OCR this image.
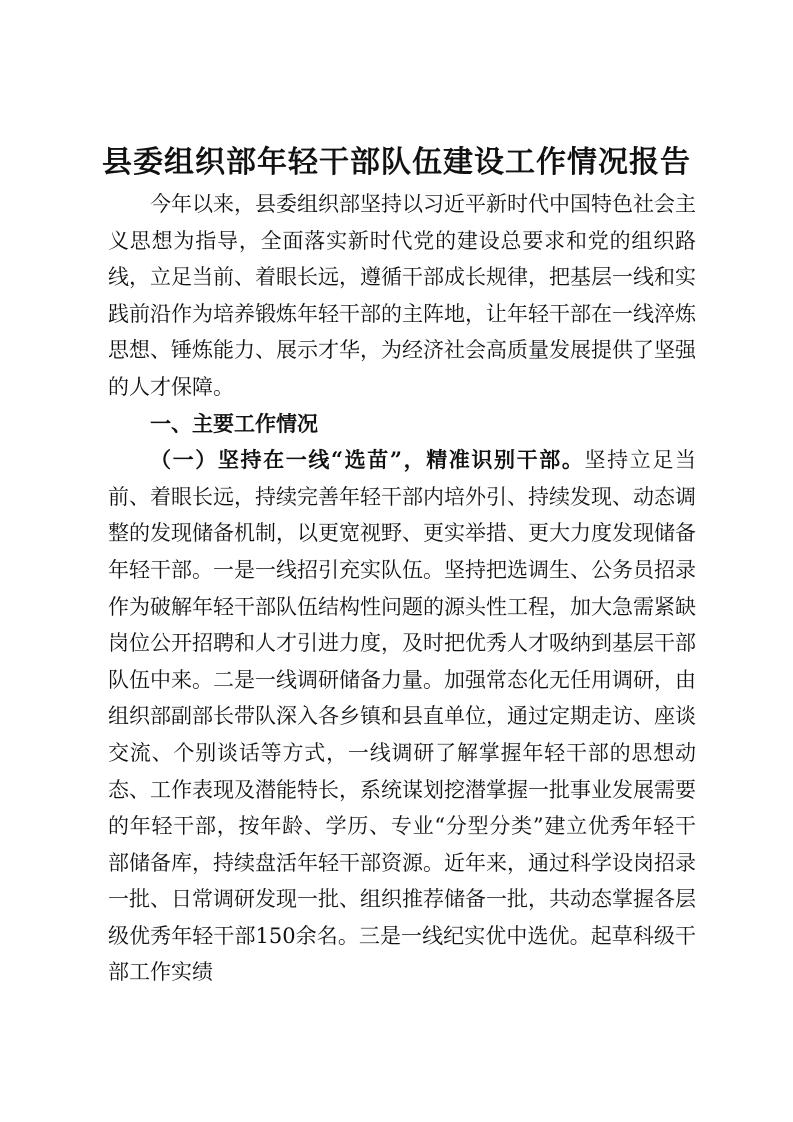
县委组织部年轻干部队伍建设工作情况报告

今年以来，县委组织部坚持以习近平新时代中国特色社会主义思想为指导，全面落实新时代党的建设总要求和党的组织路线，立足当前、着眼长远，遵循干部成长规律，把基层一线和实践前沿作为培养锻炼年轻干部的主阵地，让年轻干部在一线淬炼思想、锤炼能力、展示才华，为经济社会高质量发展提供了坚强的人才保障。

一、主要工作情况

（一）坚持在一线“选苗”，精准识别干部。坚持立足当前、着眼长远，持续完善年轻干部内培外引、持续发现、动态调整的发现储备机制，以更宽视野、更实举措、更大力度发现储备年轻干部。一是一线招引充实队伍。坚持把选调生、公务员招录作为破解年轻干部队伍结构性问题的源头性工程，加大急需紧缺岗位公开招聘和人才引进力度，及时把优秀人才吸纳到基层干部队伍中来。二是一线调研储备力量。加强常态化无任用调研，由组织部副部长带队深入各乡镇和县直单位，通过定期走访、座谈交流、个别谈话等方式，一线调研了解掌握年轻干部的思想动态、工作表现及潜能特长，系统谋划挖潜掌握一批事业发展需要的年轻干部，按年龄、学历、专业“分型分类”建立优秀年轻干部储备库，持续盘活年轻干部资源。近年来，通过科学设岗招录一批、日常调研发现一批、组织推荐储备一批，共动态掌握各层级优秀年轻干部150余名。三是一线纪实优中选优。起草科级干部工作实绩
